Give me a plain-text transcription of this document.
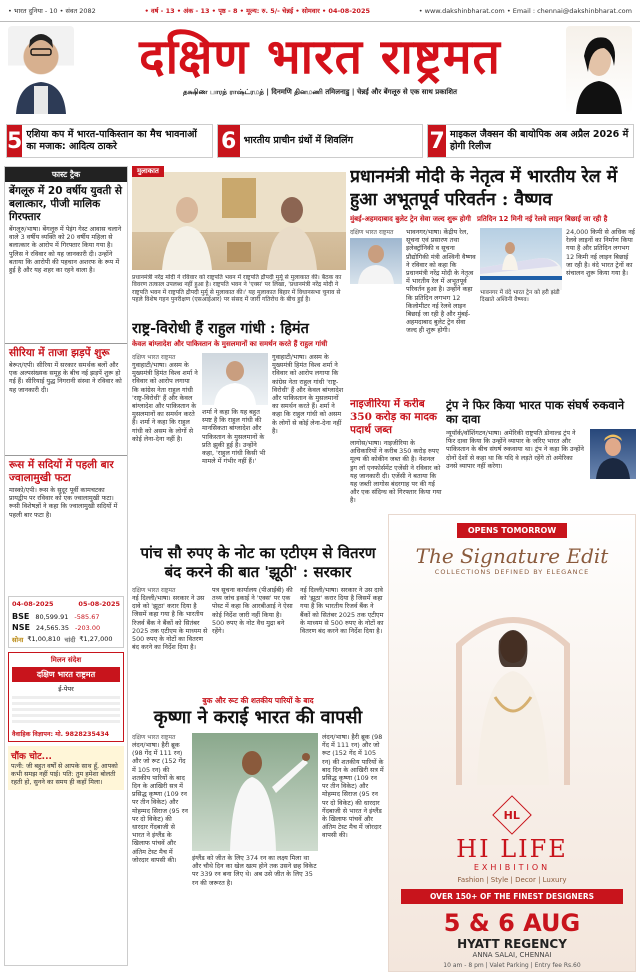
• भारत दुनिया - 10 • संवत 2082	• वर्ष - 13 • अंक - 13 • पृष्ठ - 8 • मूल्य: रु. 5/- चेन्नई • सोमवार • 04-08-2025	• www.dakshinbharat.com • Email : chennai@dakshinbharat.com
दक्षिण भारत राष्ट्रमत
தக்ஷிண பாரத் ராஷ்ட்ரமத் | दिनमणि தினமணி तमिलनाडु | चेन्नई और बेंगलूरु से एक साथ प्रकाशित
5 एशिया कप में भारत-पाकिस्तान का मैच भावनाओं का मजाक: आदित्य ठाकरे	6 भारतीय प्राचीन ग्रंथों में शिवलिंग	7 माइकल जैक्सन की बायोपिक अब अप्रैल 2026 में होगी रिलीज
फास्ट ट्रैक
बेंगलूरु में 20 वर्षीय युवती से बलात्कार, पीजी मालिक गिरफ्तार
बेंगलूरु/भाषा। बेंगलूरु में पेइंग गेस्ट आवास चलाने वाले 3 वर्षीय व्यक्ति को 20 वर्षीय महिला से बलात्कार के आरोप में गिरफ्तार किया गया है। पुलिस ने रविवार को यह जानकारी दी। उन्होंने बताया कि आरोपी की पहचान अशरफ के रूप में हुई है और यह शहर का रहने वाला है।
सीरिया में ताजा झड़पें शुरू
बेरूत/एपी। सीरिया में सरकार समर्थक बलों और एक अल्पसंख्यक समूह के बीच नई झड़पें शुरू हो गई हैं। सीरियाई युद्ध निगरानी संस्था ने रविवार को यह जानकारी दी।
रूस में सदियों में पहली बार ज्वालामुखी फटा
मास्को/एपी। रूस के सुदूर पूर्वी कामचटका प्रायद्वीप पर रविवार को एक ज्वालामुखी फटा। रूसी विशेषज्ञों ने कहा कि ज्वालामुखी सदियों में पहली बार फटा है।
04-08-2025	05-08-2025
BSE 80,599.91 -585.67
NSE 24,565.35 -203.00
सोना ₹1,00,810 चांदी ₹1,27,000
मिलन संदेश
दक्षिण भारत राष्ट्रमत
ई-पेपर
वैवाहिक विज्ञापन: मो. 9828235434
चौंक चोट...
पत्नी: जी बहुत वर्षों से आपके साथ हूँ, आपको कभी समझ नहीं पाई। पति: तुम हमेशा बोलती रहती हो, सुनने का समय ही कहाँ मिला।
मुलाकात
प्रधानमंत्री नरेंद्र मोदी ने रविवार को राष्ट्रपति भवन में राष्ट्रपति द्रौपदी मुर्मू से मुलाकात की। बैठक का विवरण तत्काल उपलब्ध नहीं हुआ है। राष्ट्रपति भवन ने 'एक्स' पर लिखा, 'प्रधानमंत्री नरेंद्र मोदी ने राष्ट्रपति भवन में राष्ट्रपति द्रौपदी मुर्मू से मुलाकात की।' यह मुलाकात बिहार में विधानसभा चुनाव से पहले विशेष गहन पुनरीक्षण (एसआईआर) पर संसद में जारी गतिरोध के बीच हुई है।
प्रधानमंत्री मोदी के नेतृत्व में भारतीय रेल में हुआ अभूतपूर्व परिवर्तन : वैष्णव
मुंबई-अहमदाबाद बुलेट ट्रेन सेवा जल्द शुरू होगी प्रतिदिन 12 मिनी नई रेलवे लाइन बिछाई जा रही है
दक्षिण भारत राष्ट्रमत	भावनगर/भाषा। केंद्रीय रेल, सूचना एवं प्रसारण तथा इलेक्ट्रॉनिकी व सूचना प्रौद्योगिकी मंत्री अश्विनी वैष्णव ने रविवार को कहा कि प्रधानमंत्री नरेंद्र मोदी के नेतृत्व में भारतीय रेल में अभूतपूर्व परिवर्तन हुआ है। उन्होंने कहा कि प्रतिदिन लगभग 12 किलोमीटर नई रेलवे लाइन बिछाई जा रही है और मुंबई-अहमदाबाद बुलेट ट्रेन सेवा जल्द ही शुरू होगी।
भावनगर में वंदे भारत ट्रेन को हरी झंडी दिखाते अश्विनी वैष्णव।
24,000 किमी से अधिक नई रेलवे लाइनों का निर्माण किया गया है और प्रतिदिन लगभग 12 किमी नई लाइन बिछाई जा रही है। वंदे भारत ट्रेनों का संचालन शुरू किया गया है।
राष्ट्र-विरोधी हैं राहुल गांधी : हिमंत
केवल बांग्लादेश और पाकिस्तान के मुसलमानों का समर्थन करते हैं राहुल गांधी
दक्षिण भारत राष्ट्रमत
गुवाहाटी/भाषा। असम के मुख्यमंत्री हिमंत विश्व शर्मा ने रविवार को आरोप लगाया कि कांग्रेस नेता राहुल गांधी 'राष्ट्र-विरोधी' हैं और केवल बांग्लादेश और पाकिस्तान के मुसलमानों का समर्थन करते हैं। शर्मा ने कहा कि राहुल गांधी को असम के लोगों से कोई लेना-देना नहीं है।
शर्मा ने कहा कि यह बहुत स्पष्ट है कि राहुल गांधी की मानसिकता बांग्लादेश और पाकिस्तान के मुसलमानों के प्रति झुकी हुई है। उन्होंने कहा, 'राहुल गांधी किसी भी मामले में गंभीर नहीं हैं।'
गुवाहाटी/भाषा। असम के मुख्यमंत्री हिमंत विश्व शर्मा ने रविवार को आरोप लगाया कि कांग्रेस नेता राहुल गांधी 'राष्ट्र-विरोधी' हैं और केवल बांग्लादेश और पाकिस्तान के मुसलमानों का समर्थन करते हैं। शर्मा ने कहा कि राहुल गांधी को असम के लोगों से कोई लेना-देना नहीं है।
नाइजीरिया में करीब 350 करोड़ का मादक पदार्थ जब्त
लागोस/भाषा। नाइजीरिया के अधिकारियों ने करीब 350 करोड़ रुपए मूल्य की कोकीन जब्त की है। नेशनल ड्रग लॉ एनफोर्समेंट एजेंसी ने रविवार को यह जानकारी दी। एजेंसी ने बताया कि यह जब्ती लागोस बंदरगाह पर की गई और एक संदिग्ध को गिरफ्तार किया गया है।
ट्रंप ने फिर किया भारत पाक संघर्ष रुकवाने का दावा
न्यूयॉर्क/वॉशिंगटन/भाषा। अमेरिकी राष्ट्रपति डोनाल्ड ट्रंप ने फिर दावा किया कि उन्होंने व्यापार के जरिए भारत और पाकिस्तान के बीच संघर्ष रुकवाया था। ट्रंप ने कहा कि उन्होंने दोनों देशों से कहा था कि यदि वे लड़ते रहेंगे तो अमेरिका उनसे व्यापार नहीं करेगा।
पांच सौ रुपए के नोट का एटीएम से वितरण बंद करने की बात 'झूठी' : सरकार
दक्षिण भारत राष्ट्रमत
नई दिल्ली/भाषा। सरकार ने उस दावे को 'झूठा' करार दिया है जिसमें कहा गया है कि भारतीय रिजर्व बैंक ने बैंकों को सितंबर 2025 तक एटीएम के माध्यम से 500 रुपए के नोटों का वितरण बंद करने का निर्देश दिया है।
पत्र सूचना कार्यालय (पीआईबी) की तथ्य जांच इकाई ने 'एक्स' पर एक पोस्ट में कहा कि आरबीआई ने ऐसा कोई निर्देश जारी नहीं किया है। 500 रुपए के नोट वैध मुद्रा बने रहेंगे।
नई दिल्ली/भाषा। सरकार ने उस दावे को 'झूठा' करार दिया है जिसमें कहा गया है कि भारतीय रिजर्व बैंक ने बैंकों को सितंबर 2025 तक एटीएम के माध्यम से 500 रुपए के नोटों का वितरण बंद करने का निर्देश दिया है।
बुक और रूट की शतकीय पारियों के बाद
कृष्णा ने कराई भारत की वापसी
दक्षिण भारत राष्ट्रमत
लंदन/भाषा। हैरी ब्रूक (98 गेंद में 111 रन) और जो रूट (152 गेंद में 105 रन) की शतकीय पारियों के बाद दिन के आखिरी सत्र में प्रसिद्ध कृष्णा (109 रन पर तीन विकेट) और मोहम्मद सिराज (95 रन पर दो विकेट) की धारदार गेंदबाजी से भारत ने इंग्लैंड के खिलाफ पांचवें और अंतिम टेस्ट मैच में जोरदार वापसी की।	इंग्लैंड को जीत के लिए 374 रन का लक्ष्य मिला था और चौथे दिन का खेल खत्म होने तक उसने छह विकेट पर 339 रन बना लिए थे। अब उसे जीत के लिए 35 रन की जरूरत है।
लंदन/भाषा। हैरी ब्रूक (98 गेंद में 111 रन) और जो रूट (152 गेंद में 105 रन) की शतकीय पारियों के बाद दिन के आखिरी सत्र में प्रसिद्ध कृष्णा (109 रन पर तीन विकेट) और मोहम्मद सिराज (95 रन पर दो विकेट) की धारदार गेंदबाजी से भारत ने इंग्लैंड के खिलाफ पांचवें और अंतिम टेस्ट मैच में जोरदार वापसी की।
OPENS TOMORROW
The Signature Edit
COLLECTIONS DEFINED BY ELEGANCE
HL
HI LIFE
EXHIBITION
Fashion | Style | Decor | Luxury
OVER 150+ OF THE FINEST DESIGNERS
5 & 6 AUG
HYATT REGENCY
ANNA SALAI, CHENNAI
10 am - 8 pm | Valet Parking | Entry fee Rs.60
